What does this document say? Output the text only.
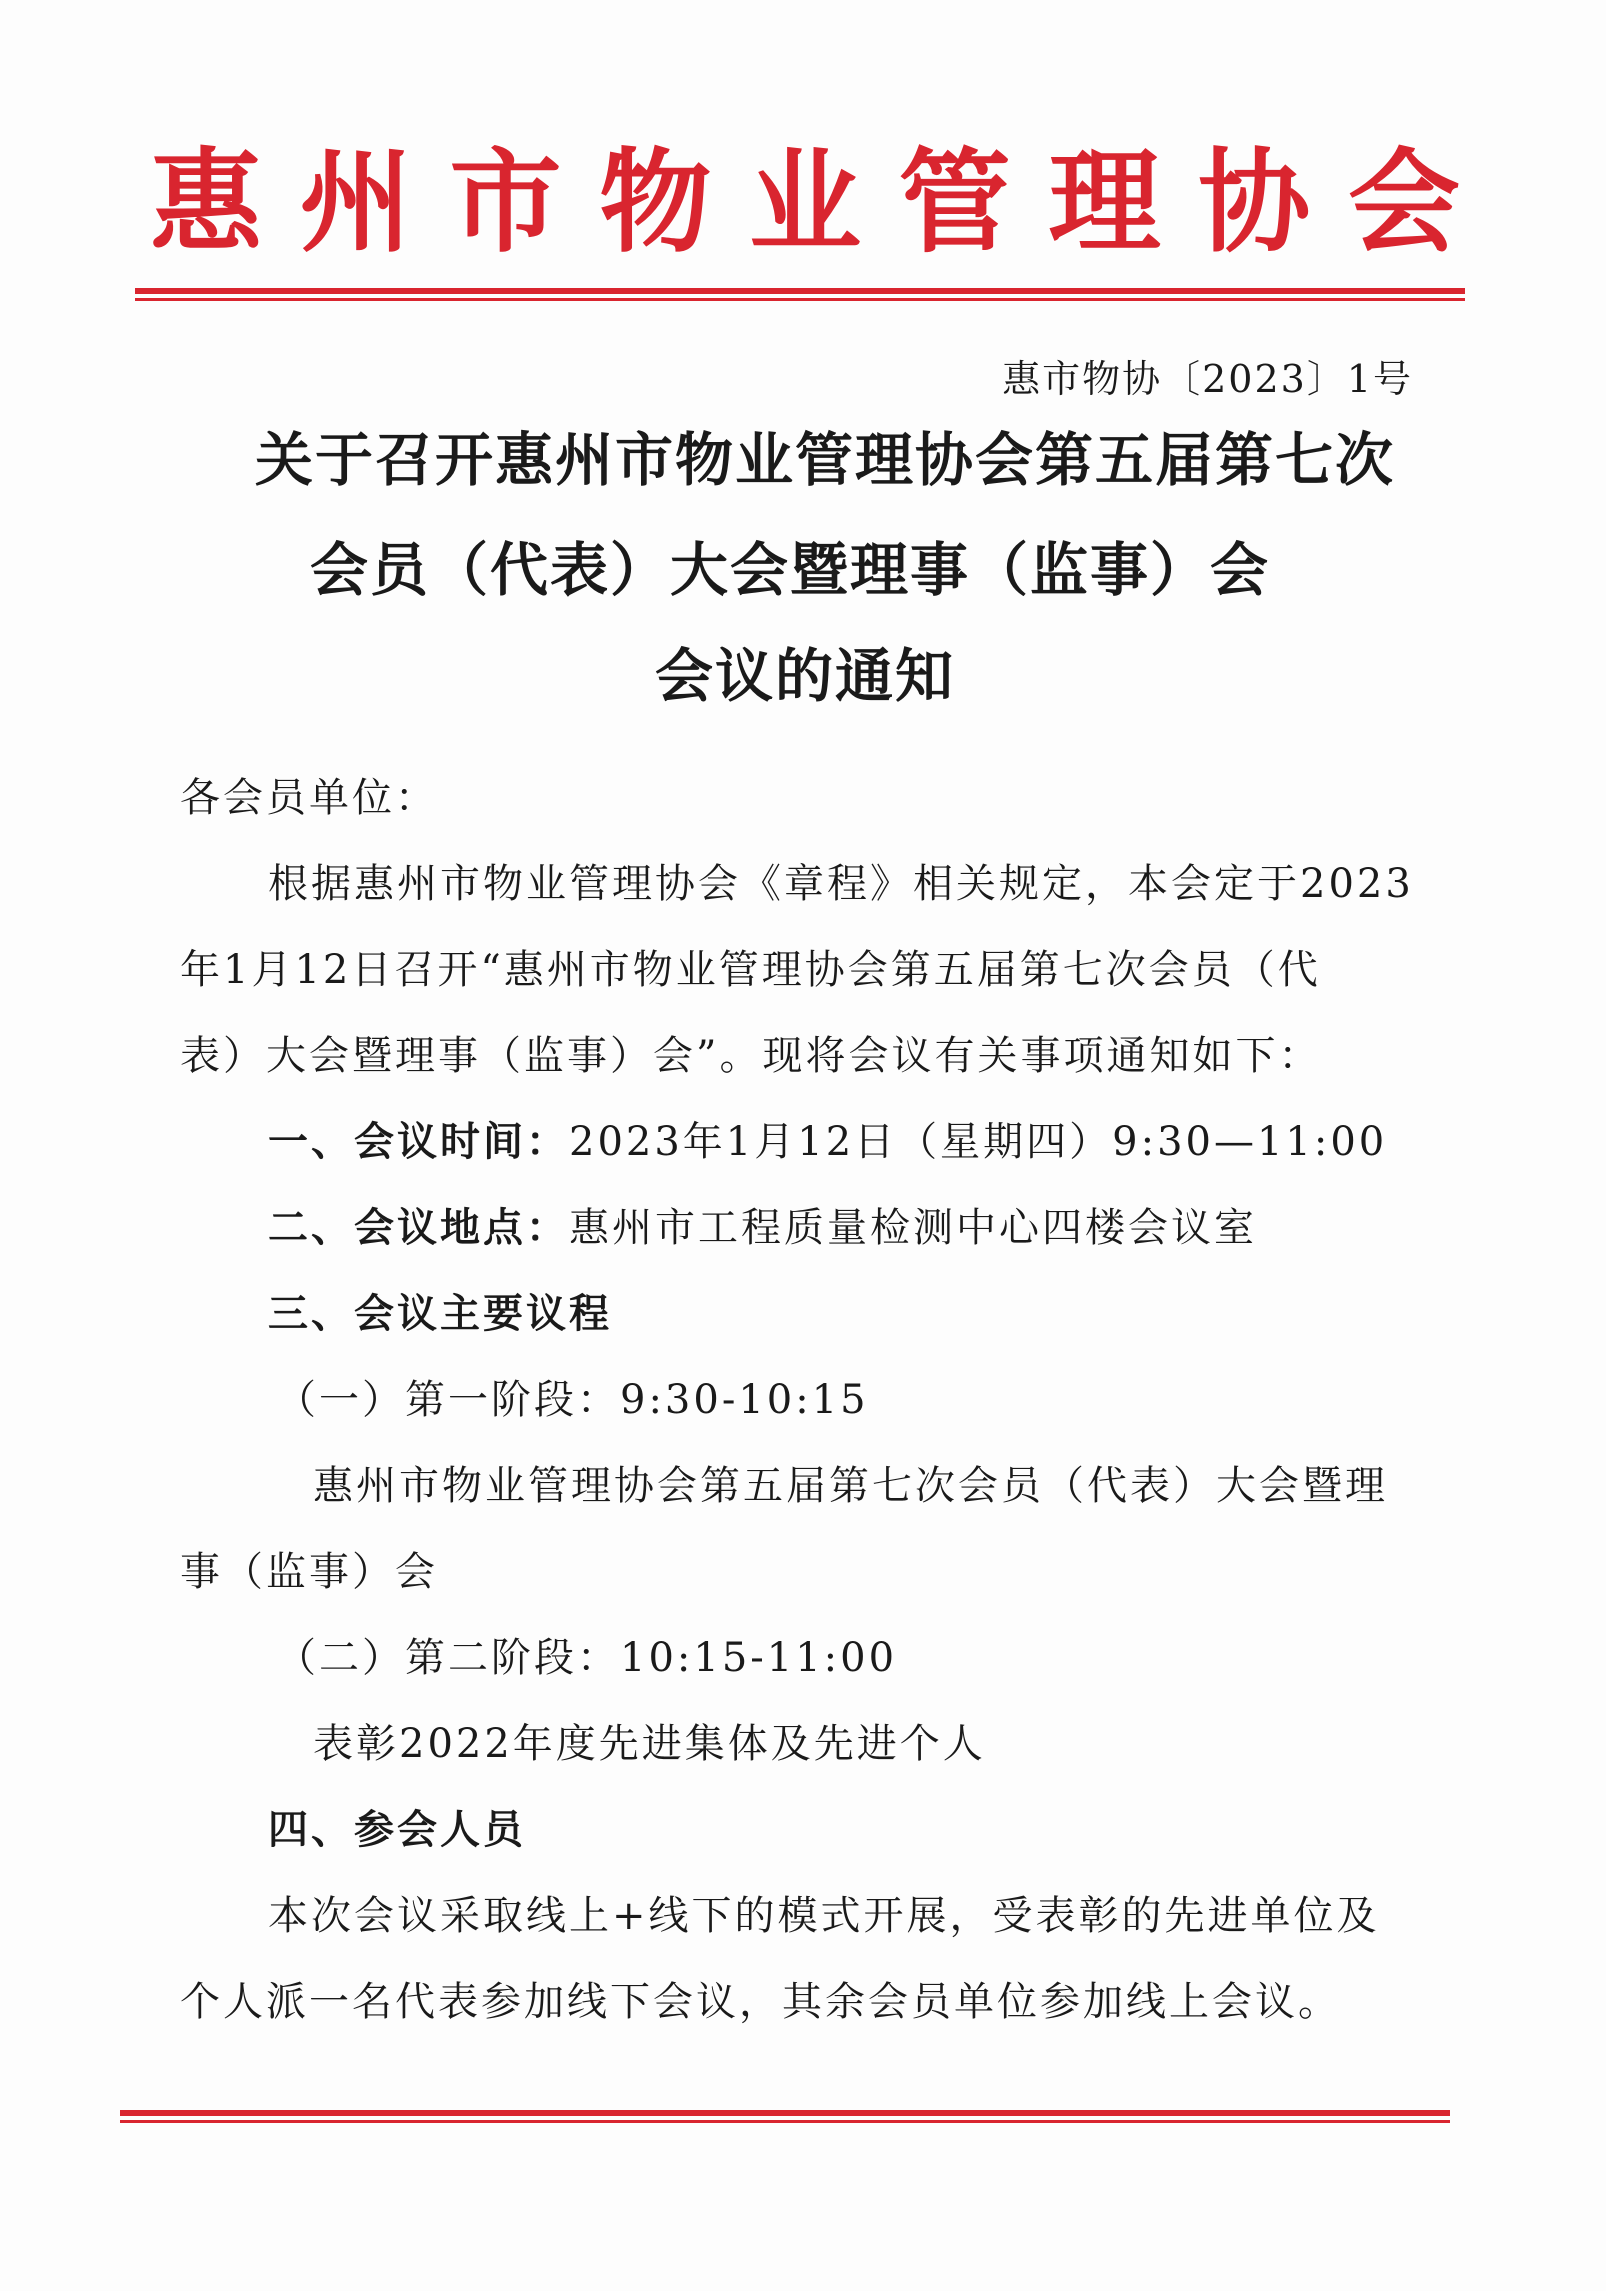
惠 州 市 物 业 管 理 协 会
惠市物协〔2023〕1号
关于召开惠州市物业管理协会第五届第七次
会员（代表）大会暨理事（监事）会
会议的通知
各会员单位：
根据惠州市物业管理协会《章程》相关规定，本会定于2023
年1月12日召开“惠州市物业管理协会第五届第七次会员（代
表）大会暨理事（监事）会”。现将会议有关事项通知如下：
一、会议时间：2023年1月12日（星期四）9:30—11:00
二、会议地点：惠州市工程质量检测中心四楼会议室
三、会议主要议程
（一）第一阶段：9:30-10:15
惠州市物业管理协会第五届第七次会员（代表）大会暨理
事（监事）会
（二）第二阶段：10:15-11:00
表彰2022年度先进集体及先进个人
四、参会人员
本次会议采取线上+线下的模式开展，受表彰的先进单位及
个人派一名代表参加线下会议，其余会员单位参加线上会议。
